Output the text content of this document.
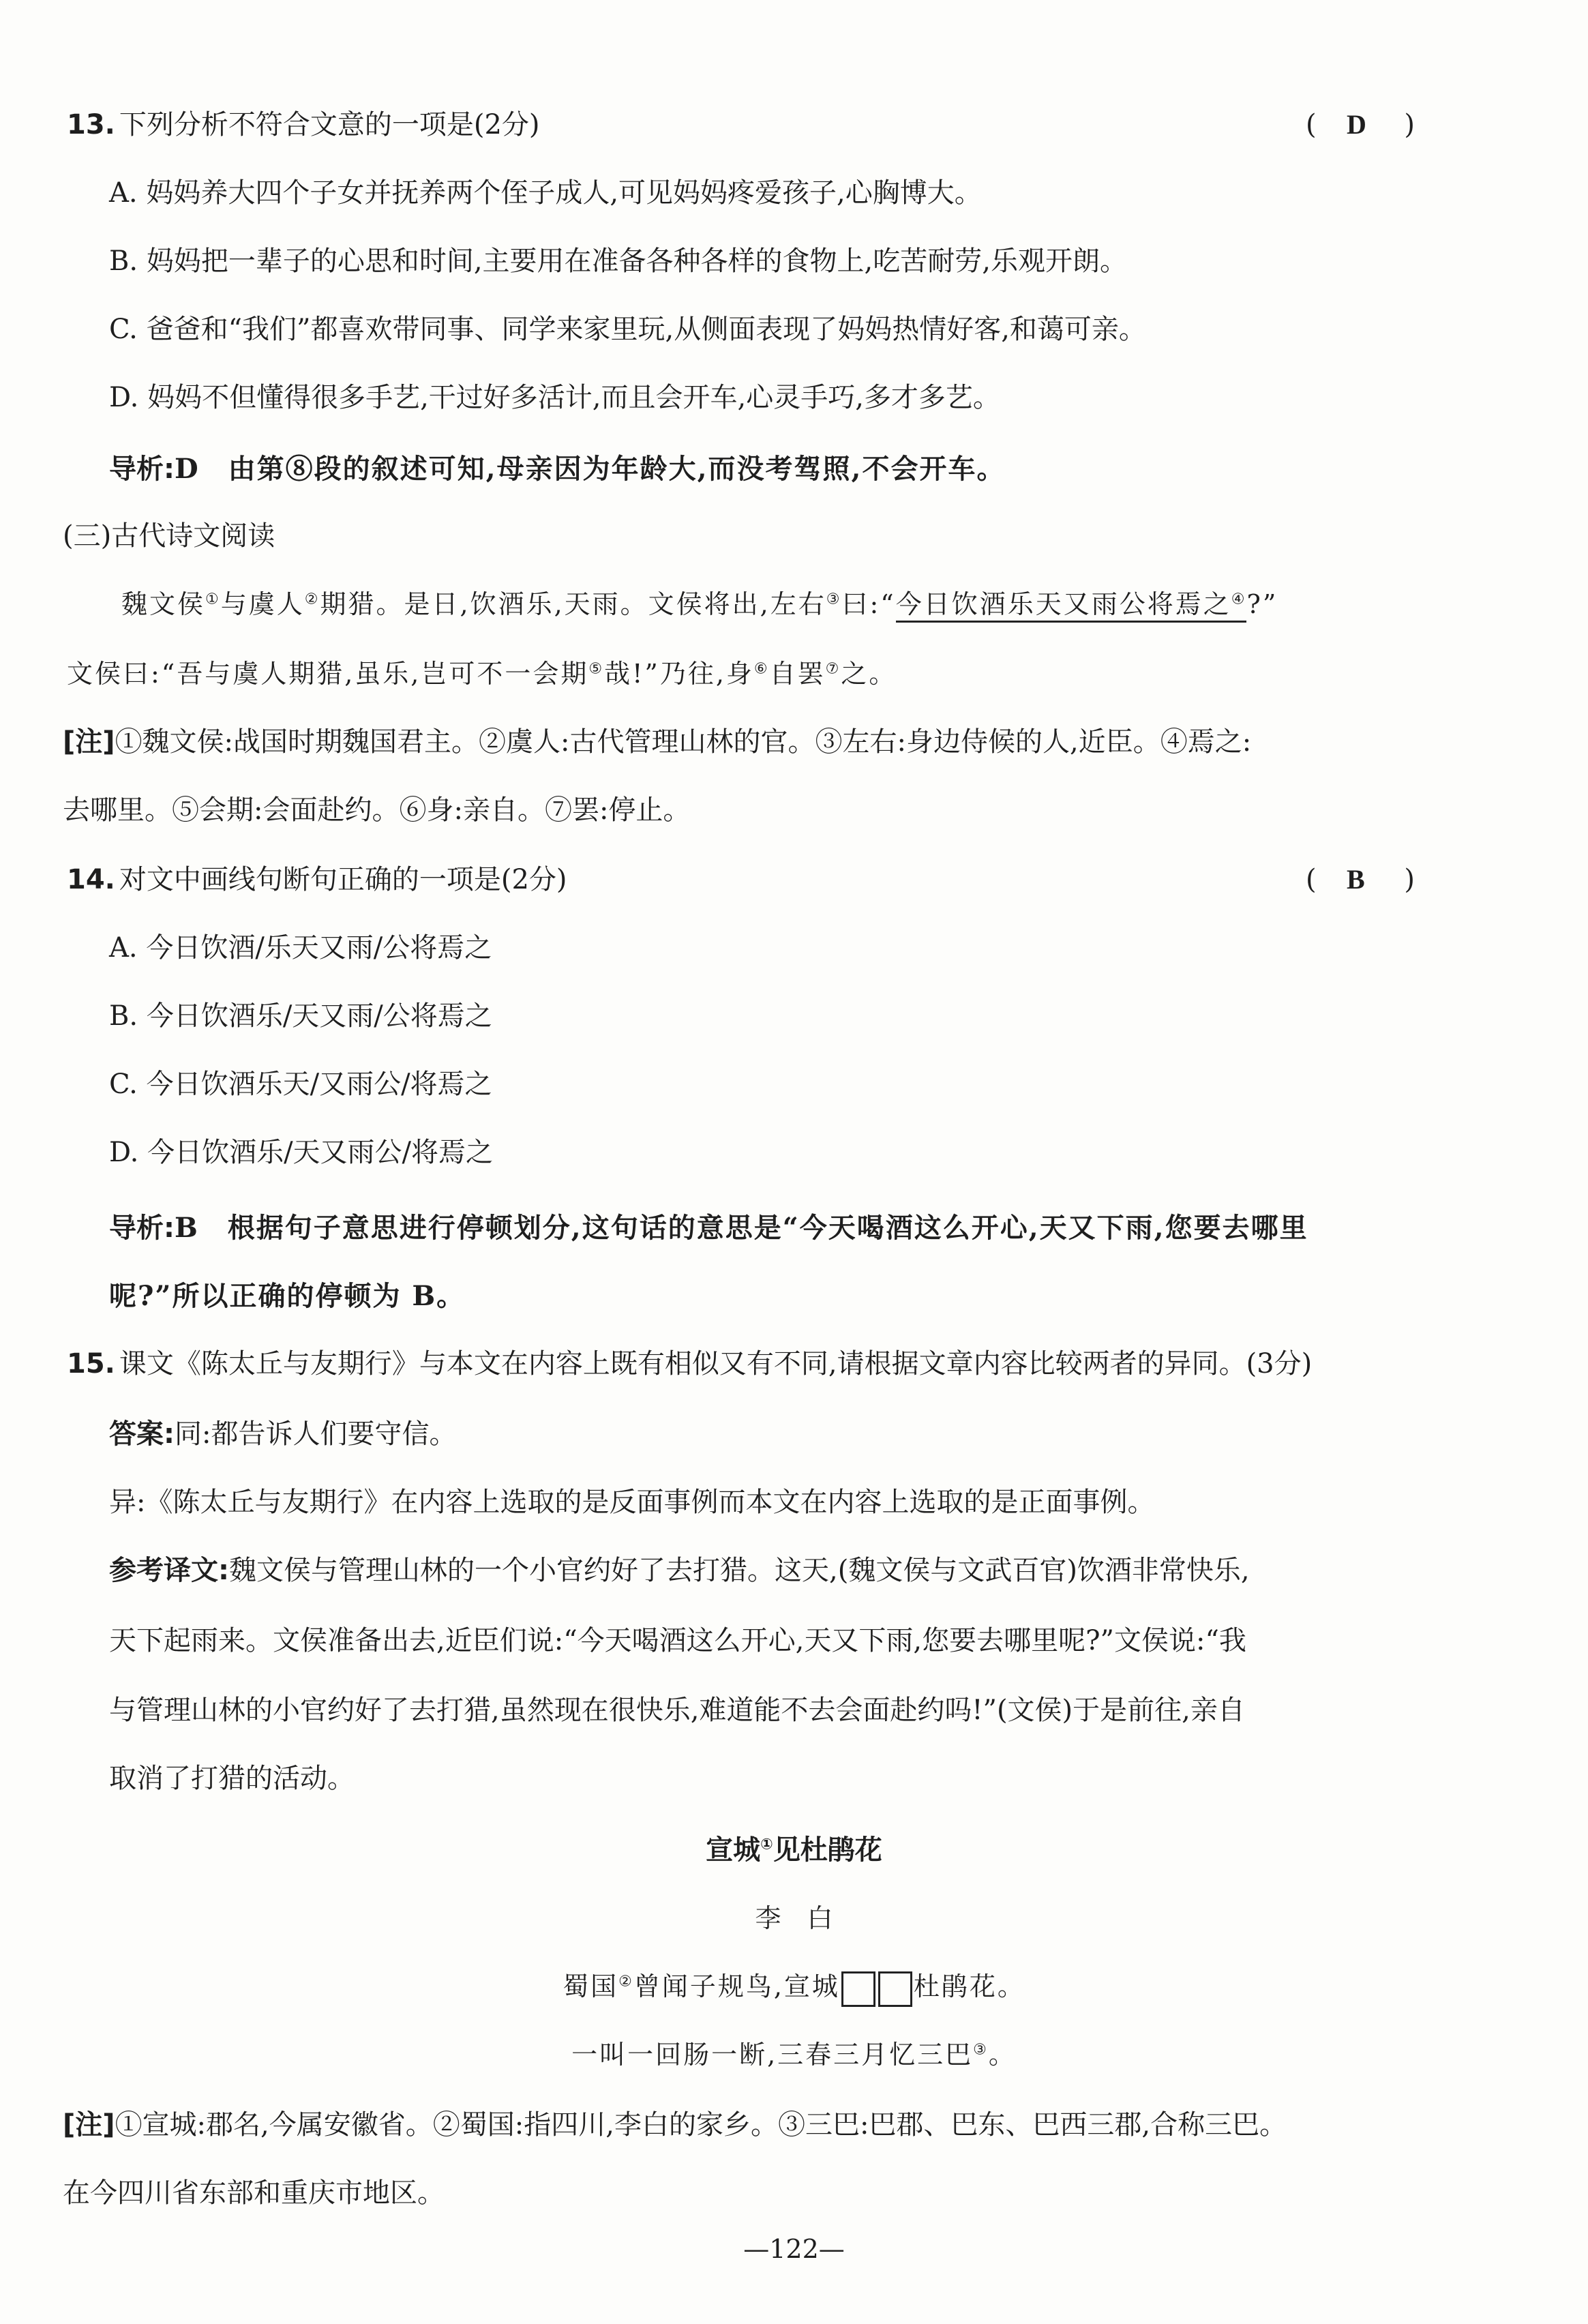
13. 下列分析不符合文意的一项是(2分)	( D )
A. 妈妈养大四个子女并抚养两个侄子成人,可见妈妈疼爱孩子,心胸博大。
B. 妈妈把一辈子的心思和时间,主要用在准备各种各样的食物上,吃苦耐劳,乐观开朗。
C. 爸爸和“我们”都喜欢带同事、同学来家里玩,从侧面表现了妈妈热情好客,和蔼可亲。
D. 妈妈不但懂得很多手艺,干过好多活计,而且会开车,心灵手巧,多才多艺。
导析:D　由第⑧段的叙述可知,母亲因为年龄大,而没考驾照,不会开车。
(三)古代诗文阅读
魏文侯①与虞人②期猎。是日,饮酒乐,天雨。文侯将出,左右③曰:“今日饮酒乐天又雨公将焉之④?”
文侯曰:“吾与虞人期猎,虽乐,岂可不一会期⑤哉!”乃往,身⑥自罢⑦之。
[注]①魏文侯:战国时期魏国君主。②虞人:古代管理山林的官。③左右:身边侍候的人,近臣。④焉之:
去哪里。⑤会期:会面赴约。⑥身:亲自。⑦罢:停止。
14. 对文中画线句断句正确的一项是(2分)	( B )
A. 今日饮酒/乐天又雨/公将焉之
B. 今日饮酒乐/天又雨/公将焉之
C. 今日饮酒乐天/又雨公/将焉之
D. 今日饮酒乐/天又雨公/将焉之
导析:B　根据句子意思进行停顿划分,这句话的意思是“今天喝酒这么开心,天又下雨,您要去哪里
呢?”所以正确的停顿为 B。
15. 课文《陈太丘与友期行》与本文在内容上既有相似又有不同,请根据文章内容比较两者的异同。(3分)
答案:同:都告诉人们要守信。
异:《陈太丘与友期行》在内容上选取的是反面事例而本文在内容上选取的是正面事例。
参考译文:魏文侯与管理山林的一个小官约好了去打猎。这天,(魏文侯与文武百官)饮酒非常快乐,
天下起雨来。文侯准备出去,近臣们说:“今天喝酒这么开心,天又下雨,您要去哪里呢?”文侯说:“我
与管理山林的小官约好了去打猎,虽然现在很快乐,难道能不去会面赴约吗!”(文侯)于是前往,亲自
取消了打猎的活动。
宣城①见杜鹃花
李　白
蜀国②曾闻子规鸟,宣城	杜鹃花。
一叫一回肠一断,三春三月忆三巴③。
[注]①宣城:郡名,今属安徽省。②蜀国:指四川,李白的家乡。③三巴:巴郡、巴东、巴西三郡,合称三巴。
在今四川省东部和重庆市地区。
—122—
